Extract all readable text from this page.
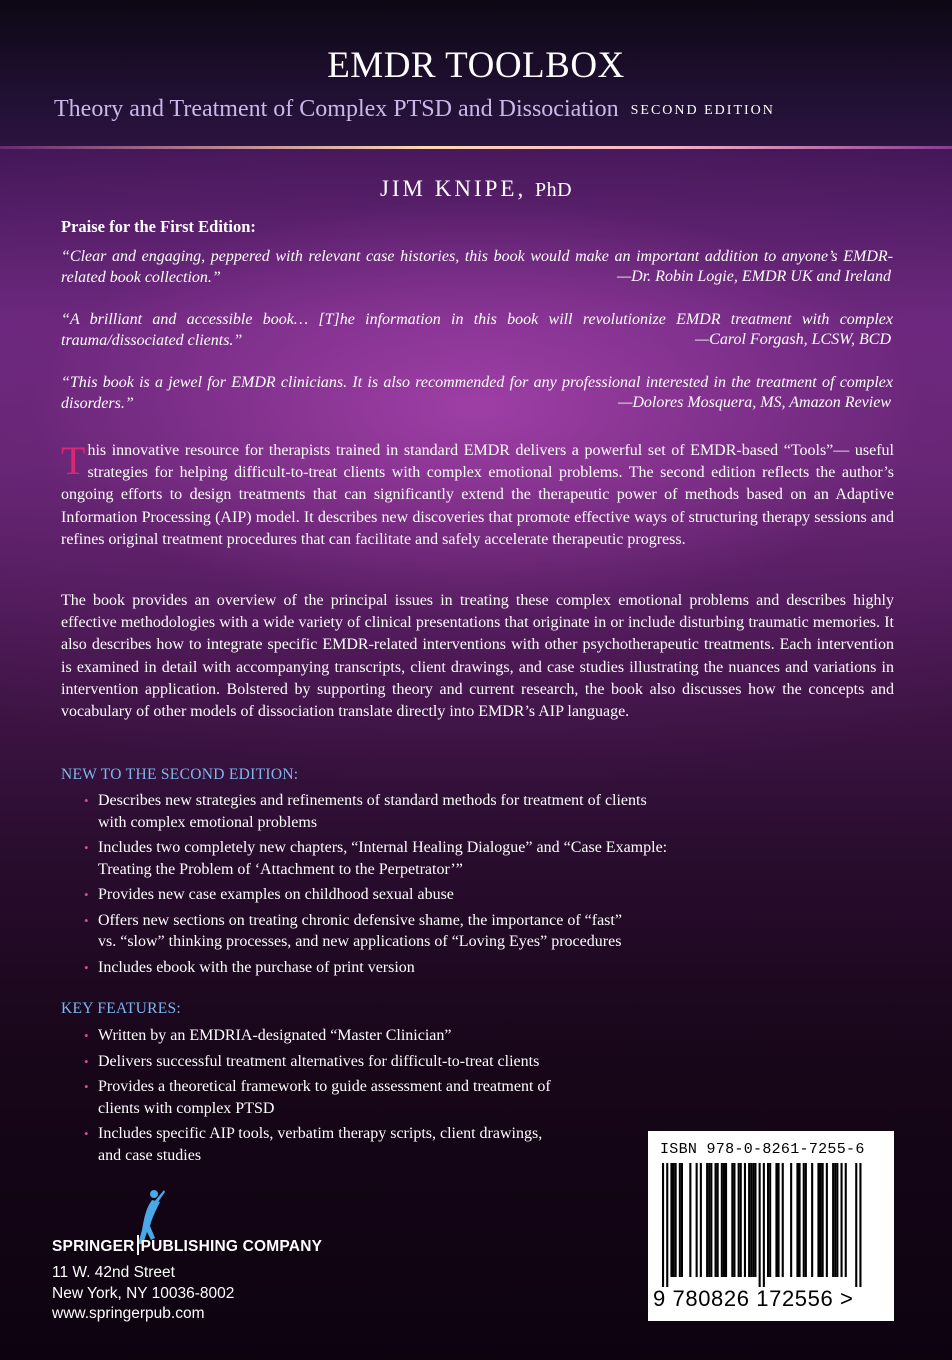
EMDR TOOLBOX
Theory and Treatment of Complex PTSD and Dissociation SECOND EDITION
JIM KNIPE, PhD
Praise for the First Edition:
“Clear and engaging, peppered with relevant case histories, this book would make an important addition to anyone’s EMDR-related book collection.”	—Dr. Robin Logie, EMDR UK and Ireland
“A brilliant and accessible book… [T]he information in this book will revolutionize EMDR treatment with complex trauma/dissociated clients.”	—Carol Forgash, LCSW, BCD
“This book is a jewel for EMDR clinicians. It is also recommended for any professional interested in the treatment of complex disorders.”	—Dolores Mosquera, MS, Amazon Review
This innovative resource for therapists trained in standard EMDR delivers a powerful set of EMDR-based “Tools”— useful strategies for helping difficult-to-treat clients with complex emotional problems. The second edition reflects the author’s ongoing efforts to design treatments that can significantly extend the therapeutic power of methods based on an Adaptive Information Processing (AIP) model. It describes new discoveries that promote effective ways of structuring therapy sessions and refines original treatment procedures that can facilitate and safely accelerate therapeutic progress.
The book provides an overview of the principal issues in treating these complex emotional problems and describes highly effective methodologies with a wide variety of clinical presentations that originate in or include disturbing traumatic memories. It also describes how to integrate specific EMDR-related interventions with other psychotherapeutic treatments. Each intervention is examined in detail with accompanying transcripts, client drawings, and case studies illustrating the nuances and variations in intervention application. Bolstered by supporting theory and current research, the book also discusses how the concepts and vocabulary of other models of dissociation translate directly into EMDR’s AIP language.
NEW TO THE SECOND EDITION:
• Describes new strategies and refinements of standard methods for treatment of clients
with complex emotional problems
• Includes two completely new chapters, “Internal Healing Dialogue” and “Case Example:
Treating the Problem of ‘Attachment to the Perpetrator’”
• Provides new case examples on childhood sexual abuse
• Offers new sections on treating chronic defensive shame, the importance of “fast”
vs. “slow” thinking processes, and new applications of “Loving Eyes” procedures
• Includes ebook with the purchase of print version
KEY FEATURES:
• Written by an EMDRIA-designated “Master Clinician”
• Delivers successful treatment alternatives for difficult-to-treat clients
• Provides a theoretical framework to guide assessment and treatment of
clients with complex PTSD
• Includes specific AIP tools, verbatim therapy scripts, client drawings,
and case studies
SPRINGER PUBLISHING COMPANY
11 W. 42nd Street
New York, NY 10036-8002
www.springerpub.com
ISBN 978-0-8261-7255-6
9 780826 172556 >
